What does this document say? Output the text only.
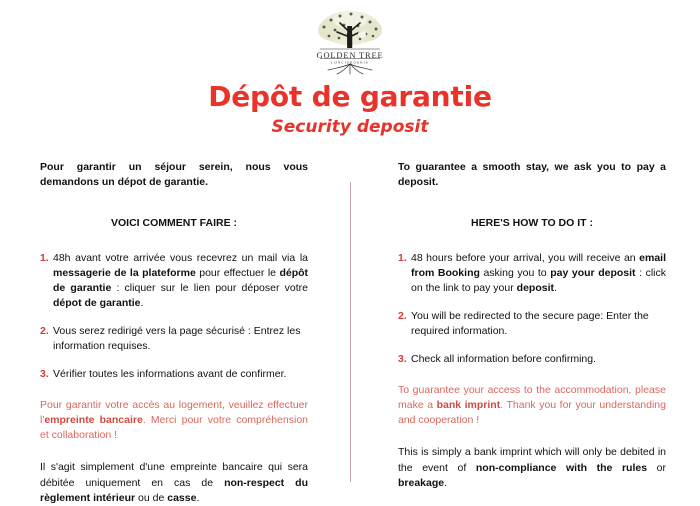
GOLDEN TREE
CONCIERGERIE
Dépôt de garantie
Security deposit

Pour garantir un séjour serein, nous vous demandons un dépot de garantie.

VOICI COMMENT FAIRE :

1. 48h avant votre arrivée vous recevrez un mail via la messagerie de la plateforme pour effectuer le dépôt de garantie : cliquer sur le lien pour déposer votre dépot de garantie.
2. Vous serez redirigé vers la page sécurisé : Entrez les information requises.
3. Vérifier toutes les informations avant de confirmer.

Pour garantir votre accès au logement, veuillez effectuer l'empreinte bancaire. Merci pour votre compréhension et collaboration !

Il s'agit simplement d'une empreinte bancaire qui sera débitée uniquement en cas de non-respect du règlement intérieur ou de casse.

To guarantee a smooth stay, we ask you to pay a deposit.

HERE'S HOW TO DO IT :

1. 48 hours before your arrival, you will receive an email from Booking asking you to pay your deposit : click on the link to pay your deposit.
2. You will be redirected to the secure page: Enter the required information.
3. Check all information before confirming.

To guarantee your access to the accommodation, please make a bank imprint. Thank you for your understanding and cooperation !

This is simply a bank imprint which will only be debited in the event of non-compliance with the rules or breakage.
